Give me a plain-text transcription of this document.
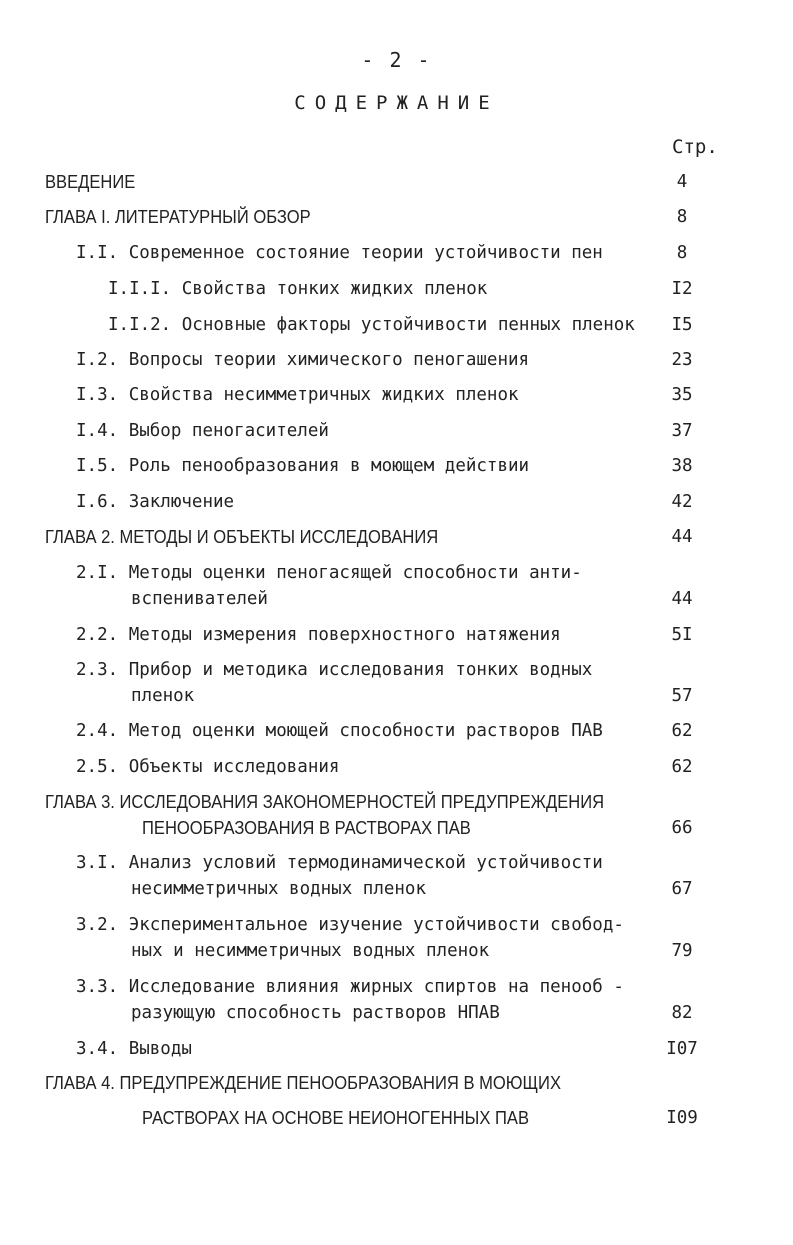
- 2 -
СОДЕРЖАНИЕ
Стр.
ВВЕДЕНИЕ	4
ГЛАВА I. ЛИТЕРАТУРНЫЙ ОБЗОР	8
I.I. Современное состояние теории устойчивости пен	8
I.I.I. Свойства тонких жидких пленок	I2
I.I.2. Основные факторы устойчивости пенных пленок	I5
I.2. Вопросы теории химического пеногашения	23
I.3. Свойства несимметричных жидких пленок	35
I.4. Выбор пеногасителей	37
I.5. Роль пенообразования в моющем действии	38
I.6. Заключение	42
ГЛАВА 2. МЕТОДЫ И ОБЪЕКТЫ ИССЛЕДОВАНИЯ	44
2.I. Методы оценки пеногасящей способности анти-
вспенивателей	44
2.2. Методы измерения поверхностного натяжения	5I
2.3. Прибор и методика исследования тонких водных
пленок	57
2.4. Метод оценки моющей способности растворов ПАВ	62
2.5. Объекты исследования	62
ГЛАВА 3. ИССЛЕДОВАНИЯ ЗАКОНОМЕРНОСТЕЙ ПРЕДУПРЕЖДЕНИЯ
ПЕНООБРАЗОВАНИЯ В РАСТВОРАХ ПАВ	66
3.I. Анализ условий термодинамической устойчивости
несимметричных водных пленок	67
3.2. Экспериментальное изучение устойчивости свобод-
ных и несимметричных водных пленок	79
3.3. Исследование влияния жирных спиртов на пенооб -
разующую способность растворов НПАВ	82
3.4. Выводы	I07
ГЛАВА 4. ПРЕДУПРЕЖДЕНИЕ ПЕНООБРАЗОВАНИЯ В МОЮЩИХ
РАСТВОРАХ НА ОСНОВЕ НЕИОНОГЕННЫХ ПАВ	I09
